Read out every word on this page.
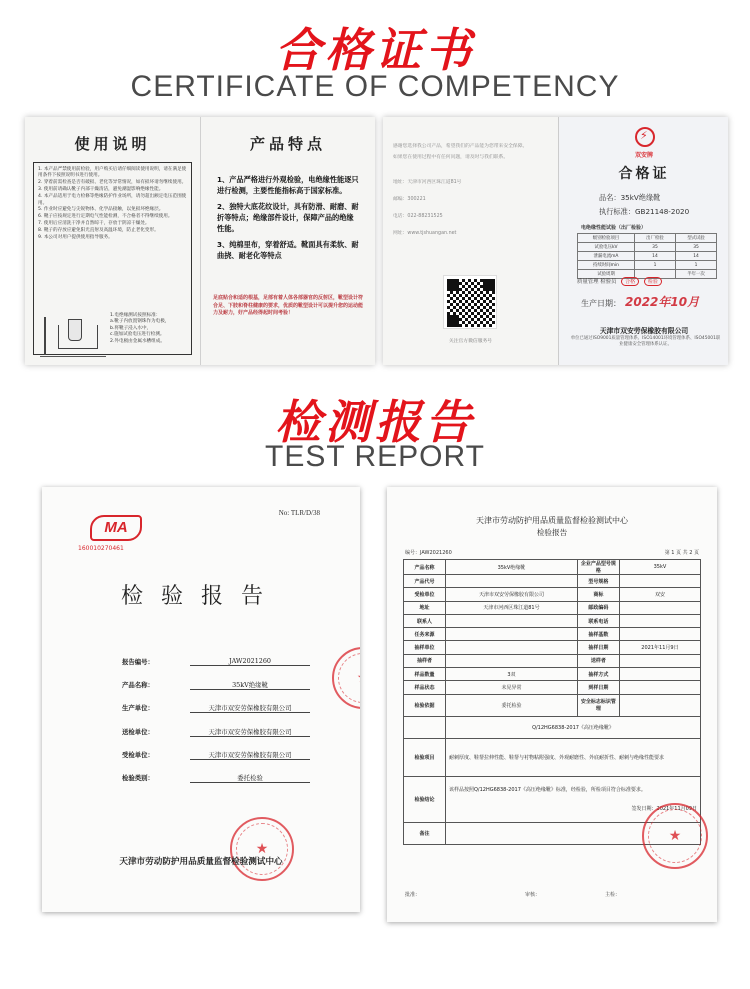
合格证书
CERTIFICATE OF COMPETENCY
检测报告
TEST REPORT
使用说明

1. 本产品严禁使用前检验，用户购买后请仔细阅读使用说明，请在满足使用条件下按照说明书进行使用。

2. 穿着前需检查是否有破损、老化等异常情况，如有损坏请勿继续使用。

3. 使用前请确认靴子内部干燥清洁，避免潮湿影响绝缘性能。

4. 本产品适用于电力检修等绝缘防护作业场所，请勿超出额定电压范围使用。

5. 作业时应避免与尖锐物体、化学品接触，以免损坏绝缘层。

6. 靴子应按规定进行定期电气性能检测，不合格者不得继续使用。

7. 使用后应清洗干净并自然晾干，存放于阴凉干燥处。

8. 靴子的存放应避免阳光直射及高温环境，防止老化变形。

9. 本公司对用户提供使用指导服务。

1.电绝缘测试按照标准：
a.靴子内放置钢珠作为电极，
b.将靴子浸入水中，
c.施加试验电压进行检测。
2.外电极由金属水槽组成。
产品特点

1、产品严格进行外观检验，电绝缘性能逐只进行检测，主要性能指标高于国家标准。

2、独特大底花纹设计，具有防滑、耐磨、耐折等特点；绝缘部件设计，保障产品的绝缘性能。

3、纯棉里布，穿着舒适。靴面具有柔软、耐曲挠、耐老化等特点

足底贴合和适的根基，足部有着人体各部器官的反射区，靴型设计符合足、下肢和脊柱健康的要求，优质的靴型设计可以提升您的运动能力及耐力，好产品经得起时间考验！
感谢您选择我公司产品，希望我们的产品能为您带来安全保障。
如果您在使用过程中有任何问题，请及时与我们联系。
地址：天津市河西区珠江道81号
邮编：300221
电话：022-88231525
网址：www.tjshuangan.net
关注官方微信服务号
⚡
双安牌
合格证
品名：35kV绝缘靴
执行标准：GB21148-2020
电绝缘性能试验（出厂检验）
级别检验项目	出厂检验	型式试验
试验电压kV	35	35
泄漏电流mA	14	14
持续时间min	1	1
试验周期		半年一次
质量管理 检验员 合格	检验
生产日期： 2022年10月
天津市双安劳保橡胶有限公司
单位已通过ISO9001质量管理体系、ISO14001环境管理体系、ISO45001职业健康安全管理体系认证。
MA
160010270461
No: TLR/D/38
检验报告
报告编号：	JAW2021260
产品名称：	35kV绝缘靴
生产单位：	天津市双安劳保橡胶有限公司
送检单位：	天津市双安劳保橡胶有限公司
受检单位：	天津市双安劳保橡胶有限公司
检验类别：	委托检验
★
★
天津市劳动防护用品质量监督检验测试中心
天津市劳动防护用品质量监督检验测试中心
检验报告
编号：JAW2021260	第 1 页 共 2 页
产品名称	35kV绝缘靴	企业产品型号规格	35kV
产品代号		型号规格	
受检单位	天津市双安劳保橡胶有限公司	商标	双安
地址	天津市河西区珠江道81号	邮政编码	
联系人		联系电话	
任务来源		抽样基数	
抽样单位		抽样日期	2021年11月9日
抽样者		送样者	
样品数量	3双	抽样方式	
样品状态	未见异常	到样日期	
检验依据	委托检验	安全标志标识管理	
	Q/12HG6838-2017《高压绝缘靴》		
检验项目	耐刺厚度、鞋帮拉伸性能、鞋帮与衬物粘附强度、外观耐磨性、外底耐折性、耐刺与绝缘性能要求		
检验结论	该样品按照Q/12HG6838-2017《高压绝缘靴》标准，经检验，所检项目符合标准要求。
签发日期：2021年11月09日		

备注			
★
批准：	审核：	主检：
